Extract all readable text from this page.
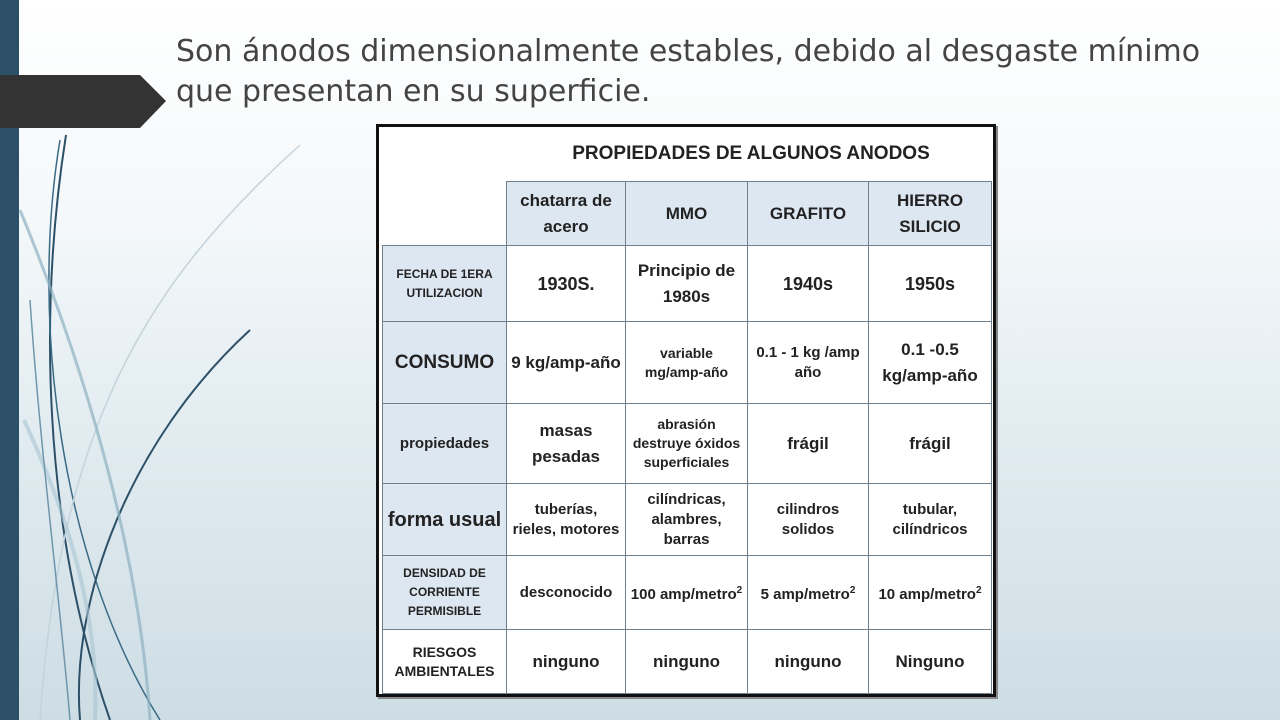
Son ánodos dimensionalmente estables, debido al desgaste mínimo que presentan en su superficie.

PROPIEDADES DE ALGUNOS ANODOS
	chatarra de acero	MMO	GRAFITO	HIERRO SILICIO
FECHA DE 1ERA UTILIZACION	1930S.	Principio de 1980s	1940s	1950s
CONSUMO	9 kg/amp-año	variable mg/amp-año	0.1 - 1 kg /amp año	0.1 -0.5 kg/amp-año
propiedades	masas pesadas	abrasión destruye óxidos superficiales	frágil	frágil
forma usual	tuberías, rieles, motores	cilíndricas, alambres, barras	cilindros solidos	tubular, cilíndricos
DENSIDAD DE CORRIENTE PERMISIBLE	desconocido	100 amp/metro$^2$	5 amp/metro$^2$	10 amp/metro$^2$
RIESGOS AMBIENTALES	ninguno	ninguno	ninguno	Ninguno
